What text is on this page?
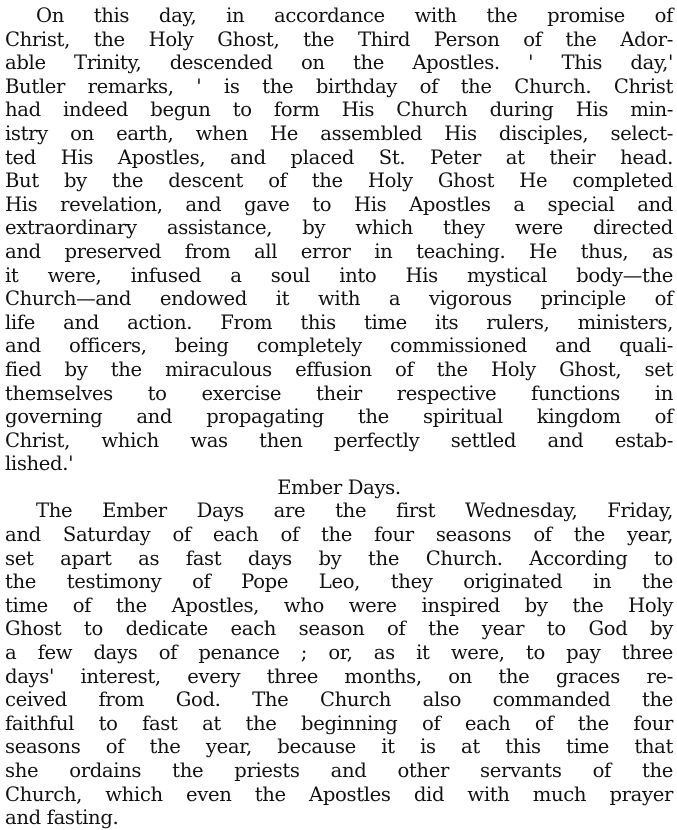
On this day, in accordance with the promise of
Christ, the Holy Ghost, the Third Person of the Ador-
able Trinity, descended on the Apostles. ' This day,'
Butler remarks, ' is the birthday of the Church. Christ
had indeed begun to form His Church during His min-
istry on earth, when He assembled His disciples, select-
ted His Apostles, and placed St. Peter at their head.
But by the descent of the Holy Ghost He completed
His revelation, and gave to His Apostles a special and
extraordinary assistance, by which they were directed
and preserved from all error in teaching. He thus, as
it were, infused a soul into His mystical body—the
Church—and endowed it with a vigorous principle of
life and action. From this time its rulers, ministers,
and officers, being completely commissioned and quali-
fied by the miraculous effusion of the Holy Ghost, set
themselves to exercise their respective functions in
governing and propagating the spiritual kingdom of
Christ, which was then perfectly settled and estab-
lished.'
Ember Days.
The Ember Days are the first Wednesday, Friday,
and Saturday of each of the four seasons of the year,
set apart as fast days by the Church. According to
the testimony of Pope Leo, they originated in the
time of the Apostles, who were inspired by the Holy
Ghost to dedicate each season of the year to God by
a few days of penance ; or, as it were, to pay three
days' interest, every three months, on the graces re-
ceived from God. The Church also commanded the
faithful to fast at the beginning of each of the four
seasons of the year, because it is at this time that
she ordains the priests and other servants of the
Church, which even the Apostles did with much prayer
and fasting.
